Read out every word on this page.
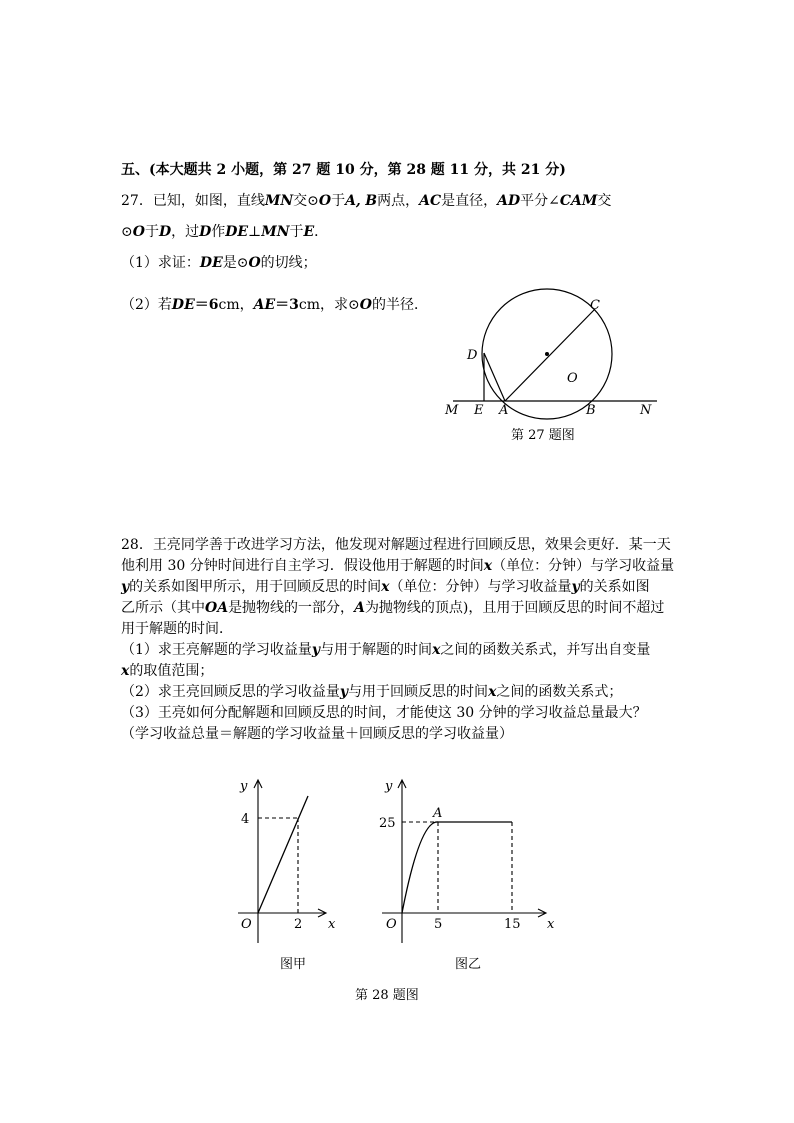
五、(本大题共 2 小题，第 27 题 10 分，第 28 题 11 分，共 21 分)
27．已知，如图，直线MN交⊙O于A, B两点，AC是直径，AD平分∠CAM交
⊙O于D，过D作DE⊥MN于E．
（1）求证：DE是⊙O的切线；
（2）若DE＝6cm，AE＝3cm，求⊙O的半径．	C
D
O
M E A	B	N
第 27 题图
y
x
O
4
2
图甲
y
x
O
25
A
5	15
图乙
第 28 题图
28．王亮同学善于改进学习方法，他发现对解题过程进行回顾反思，效果会更好．某一天
他利用 30 分钟时间进行自主学习．假设他用于解题的时间x（单位：分钟）与学习收益量
y的关系如图甲所示，用于回顾反思的时间x（单位：分钟）与学习收益量y的关系如图
乙所示（其中OA是抛物线的一部分，A为抛物线的顶点)，且用于回顾反思的时间不超过
用于解题的时间．
（1）求王亮解题的学习收益量y与用于解题的时间x之间的函数关系式，并写出自变量
x的取值范围；
（2）求王亮回顾反思的学习收益量y与用于回顾反思的时间x之间的函数关系式；
（3）王亮如何分配解题和回顾反思的时间，才能使这 30 分钟的学习收益总量最大？
（学习收益总量＝解题的学习收益量＋回顾反思的学习收益量）
